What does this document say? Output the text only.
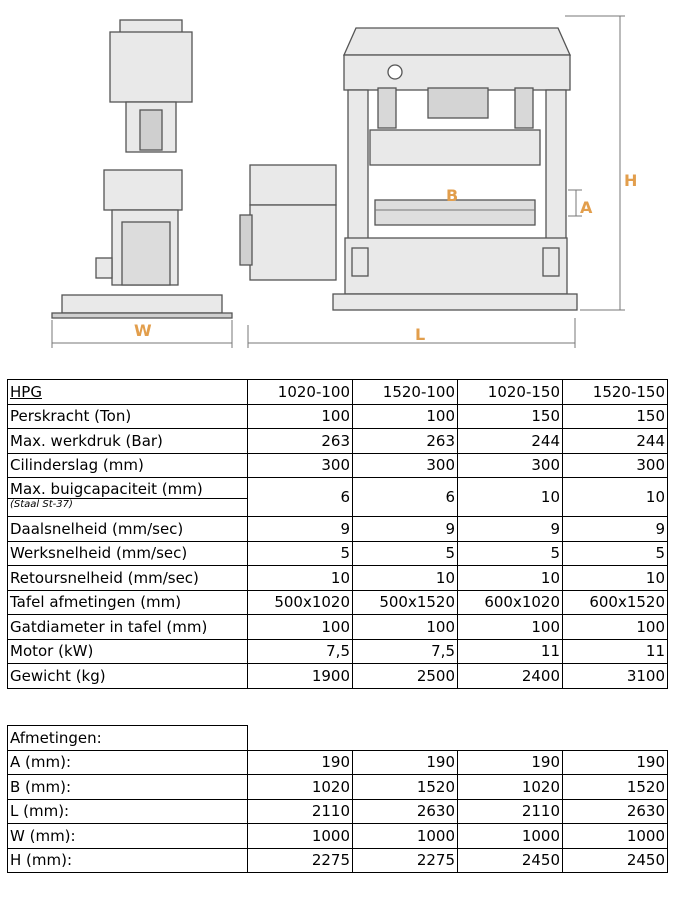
W	L
B
A
H
HPG	1020-100	1520-100	1020-150	1520-150
Perskracht (Ton)	100	100	150	150
Max. werkdruk (Bar)	263	263	244	244
Cilinderslag (mm)	300	300	300	300
Max. buigcapaciteit (mm)
(Staal St-37)	6	6	10	10
Daalsnelheid (mm/sec)	9	9	9	9
Werksnelheid (mm/sec)	5	5	5	5
Retoursnelheid (mm/sec)	10	10	10	10
Tafel afmetingen (mm)	500x1020	500x1520	600x1020	600x1520
Gatdiameter in tafel (mm)	100	100	100	100
Motor (kW)	7,5	7,5	11	11
Gewicht (kg)	1900	2500	2400	3100
Afmetingen:				
A (mm):	190	190	190	190
B (mm):	1020	1520	1020	1520
L (mm):	2110	2630	2110	2630
W (mm):	1000	1000	1000	1000
H (mm):	2275	2275	2450	2450
